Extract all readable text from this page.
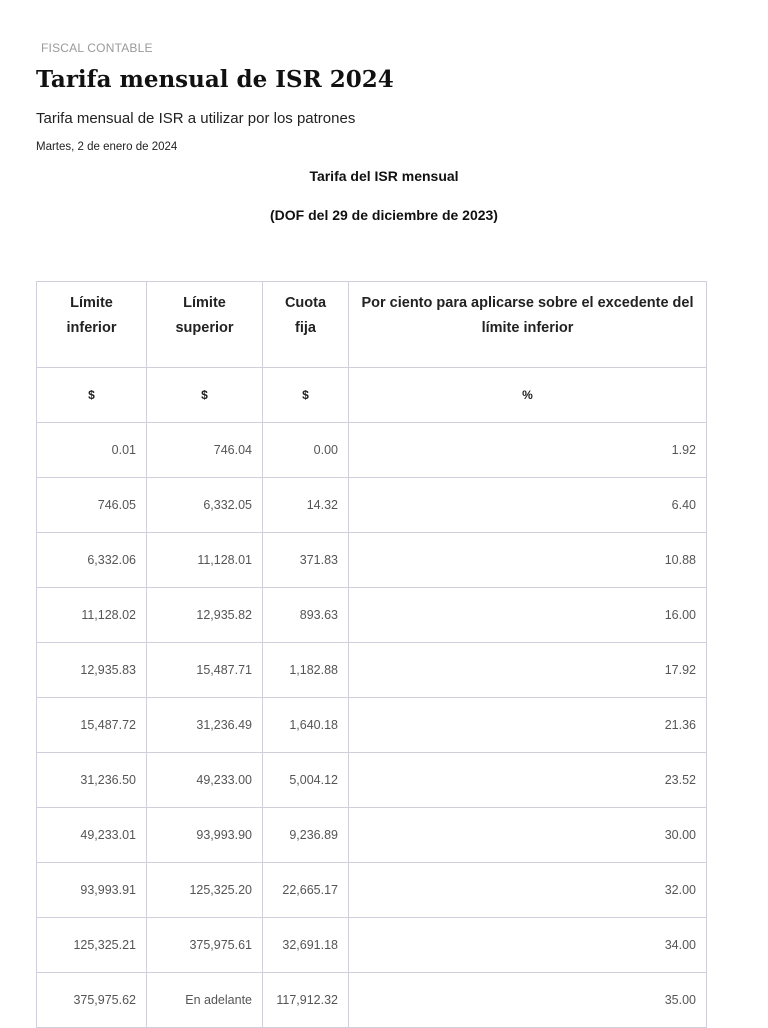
FISCAL CONTABLE
Tarifa mensual de ISR 2024
Tarifa mensual de ISR a utilizar por los patrones
Martes, 2 de enero de 2024
Tarifa del ISR mensual
(DOF del 29 de diciembre de 2023)
Límite inferior	Límite superior	Cuota fija	Por ciento para aplicarse sobre el excedente del límite inferior
$	$	$	%
0.01	746.04	0.00	1.92
746.05	6,332.05	14.32	6.40
6,332.06	11,128.01	371.83	10.88
11,128.02	12,935.82	893.63	16.00
12,935.83	15,487.71	1,182.88	17.92
15,487.72	31,236.49	1,640.18	21.36
31,236.50	49,233.00	5,004.12	23.52
49,233.01	93,993.90	9,236.89	30.00
93,993.91	125,325.20	22,665.17	32.00
125,325.21	375,975.61	32,691.18	34.00
375,975.62	En adelante	117,912.32	35.00
